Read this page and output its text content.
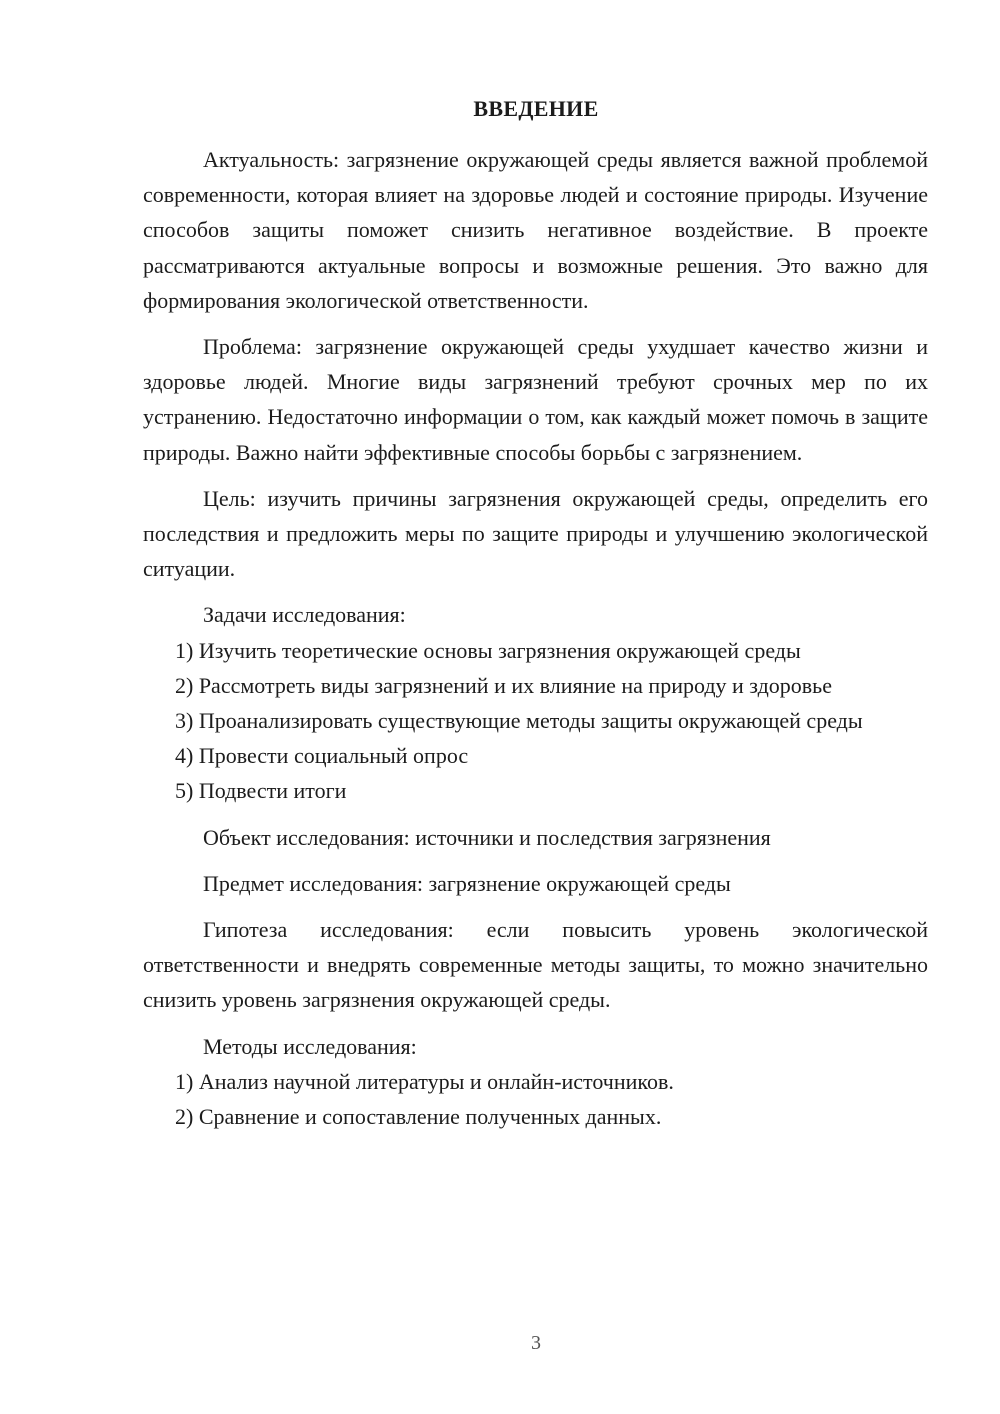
ВВЕДЕНИЕ

Актуальность: загрязнение окружающей среды является важной проблемой современности, которая влияет на здоровье людей и состояние природы. Изучение способов защиты поможет снизить негативное воздействие. В проекте рассматриваются актуальные вопросы и возможные решения. Это важно для формирования экологической ответственности.

Проблема: загрязнение окружающей среды ухудшает качество жизни и здоровье людей. Многие виды загрязнений требуют срочных мер по их устранению. Недостаточно информации о том, как каждый может помочь в защите природы. Важно найти эффективные способы борьбы с загрязнением.

Цель: изучить причины загрязнения окружающей среды, определить его последствия и предложить меры по защите природы и улучшению экологической ситуации.

Задачи исследования:

1) Изучить теоретические основы загрязнения окружающей среды

2) Рассмотреть виды загрязнений и их влияние на природу и здоровье

3) Проанализировать существующие методы защиты окружающей среды

4) Провести социальный опрос

5) Подвести итоги

Объект исследования: источники и последствия загрязнения

Предмет исследования: загрязнение окружающей среды

Гипотеза исследования: если повысить уровень экологической ответственности и внедрять современные методы защиты, то можно значительно снизить уровень загрязнения окружающей среды.

Методы исследования:

1) Анализ научной литературы и онлайн-источников.

2) Сравнение и сопоставление полученных данных.

3
